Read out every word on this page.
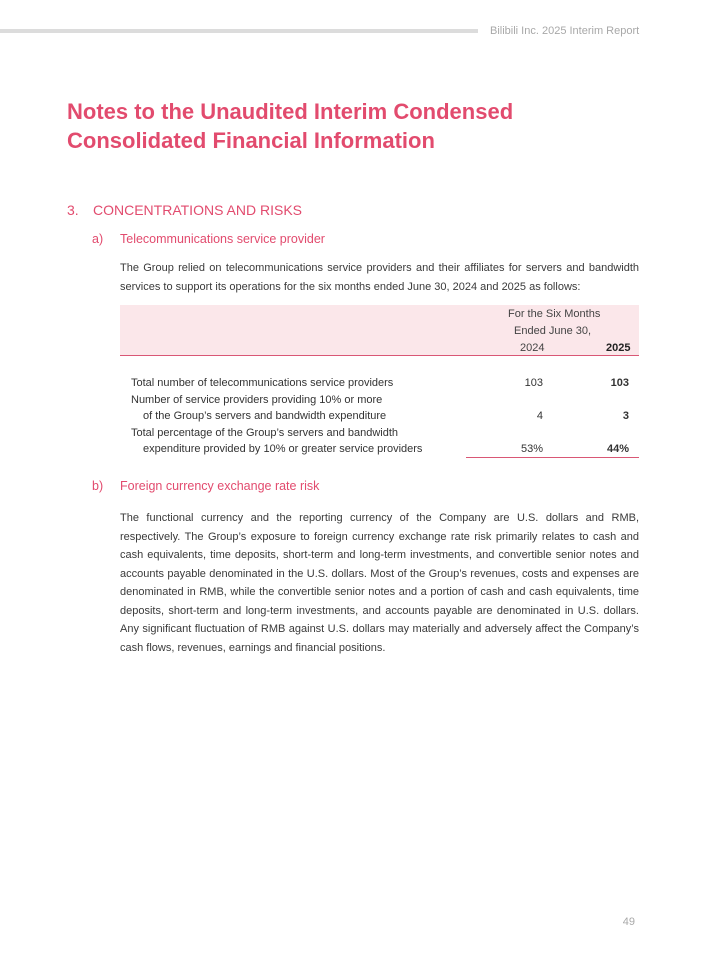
Bilibili Inc. 2025 Interim Report
Notes to the Unaudited Interim Condensed
Consolidated Financial Information
3. CONCENTRATIONS AND RISKS
a) Telecommunications service provider

The Group relied on telecommunications service providers and their affiliates for servers and bandwidth services to support its operations for the six months ended June 30, 2024 and 2025 as follows:

For the Six Months
Ended June 30,
2024	2025
Total number of telecommunications service providers	103	103
Number of service providers providing 10% or more
of the Group’s servers and bandwidth expenditure	4	3
Total percentage of the Group’s servers and bandwidth
expenditure provided by 10% or greater service providers	53%	44%
b) Foreign currency exchange rate risk

The functional currency and the reporting currency of the Company are U.S. dollars and RMB, respectively. The Group’s exposure to foreign currency exchange rate risk primarily relates to cash and cash equivalents, time deposits, short-term and long-term investments, and convertible senior notes and accounts payable denominated in the U.S. dollars. Most of the Group’s revenues, costs and expenses are denominated in RMB, while the convertible senior notes and a portion of cash and cash equivalents, time deposits, short-term and long-term investments, and accounts payable are denominated in U.S. dollars. Any significant fluctuation of RMB against U.S. dollars may materially and adversely affect the Company’s cash flows, revenues, earnings and financial positions.

49
